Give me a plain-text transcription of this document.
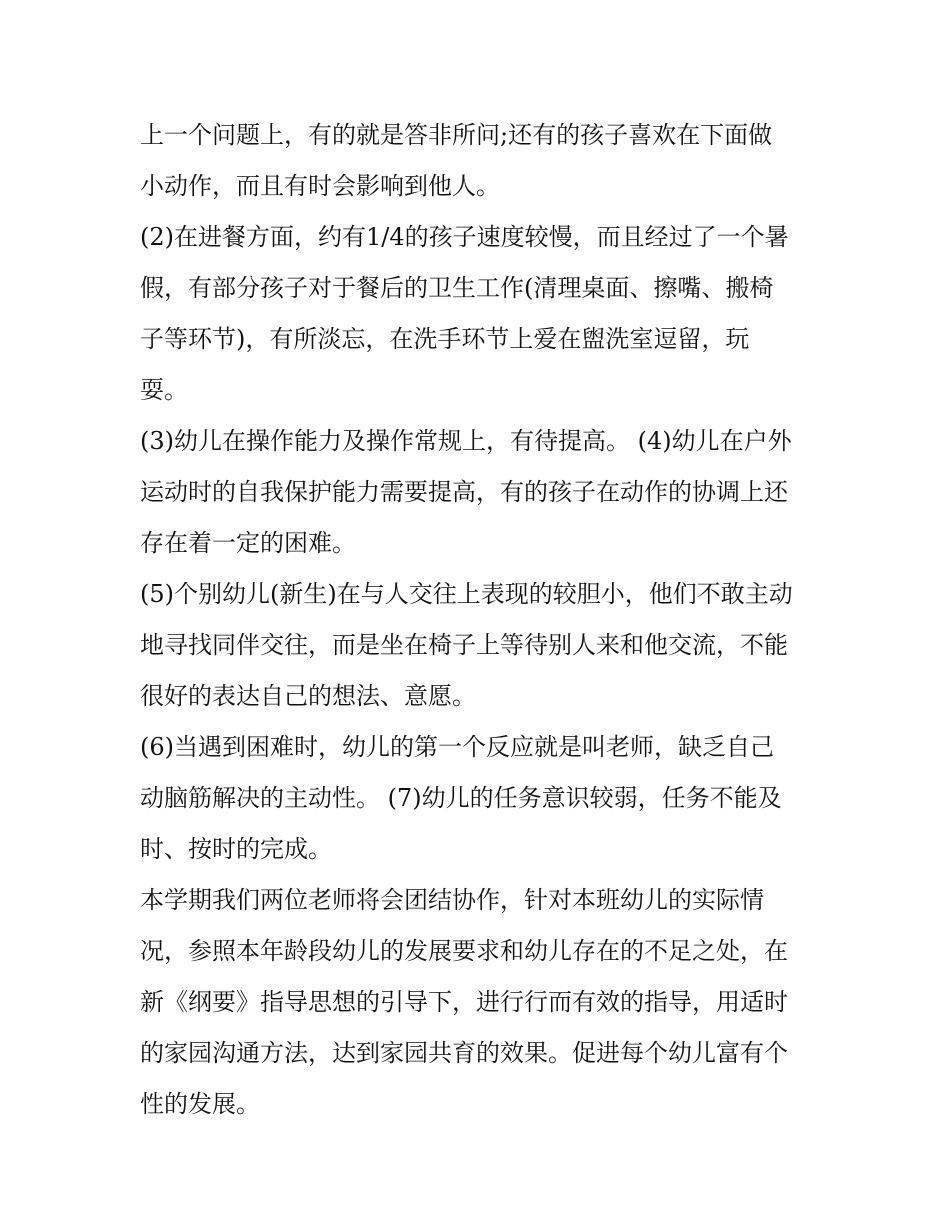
上一个问题上，有的就是答非所问;还有的孩子喜欢在下面做
小动作，而且有时会影响到他人。
(2)在进餐方面，约有1/4的孩子速度较慢，而且经过了一个暑
假，有部分孩子对于餐后的卫生工作(清理桌面、擦嘴、搬椅
子等环节)，有所淡忘，在洗手环节上爱在盥洗室逗留，玩
耍。
(3)幼儿在操作能力及操作常规上，有待提高。 (4)幼儿在户外
运动时的自我保护能力需要提高，有的孩子在动作的协调上还
存在着一定的困难。
(5)个别幼儿(新生)在与人交往上表现的较胆小，他们不敢主动
地寻找同伴交往，而是坐在椅子上等待别人来和他交流，不能
很好的表达自己的想法、意愿。
(6)当遇到困难时，幼儿的第一个反应就是叫老师，缺乏自己
动脑筋解决的主动性。 (7)幼儿的任务意识较弱，任务不能及
时、按时的完成。
本学期我们两位老师将会团结协作，针对本班幼儿的实际情
况，参照本年龄段幼儿的发展要求和幼儿存在的不足之处，在
新《纲要》指导思想的引导下，进行行而有效的指导，用适时
的家园沟通方法，达到家园共育的效果。促进每个幼儿富有个
性的发展。
